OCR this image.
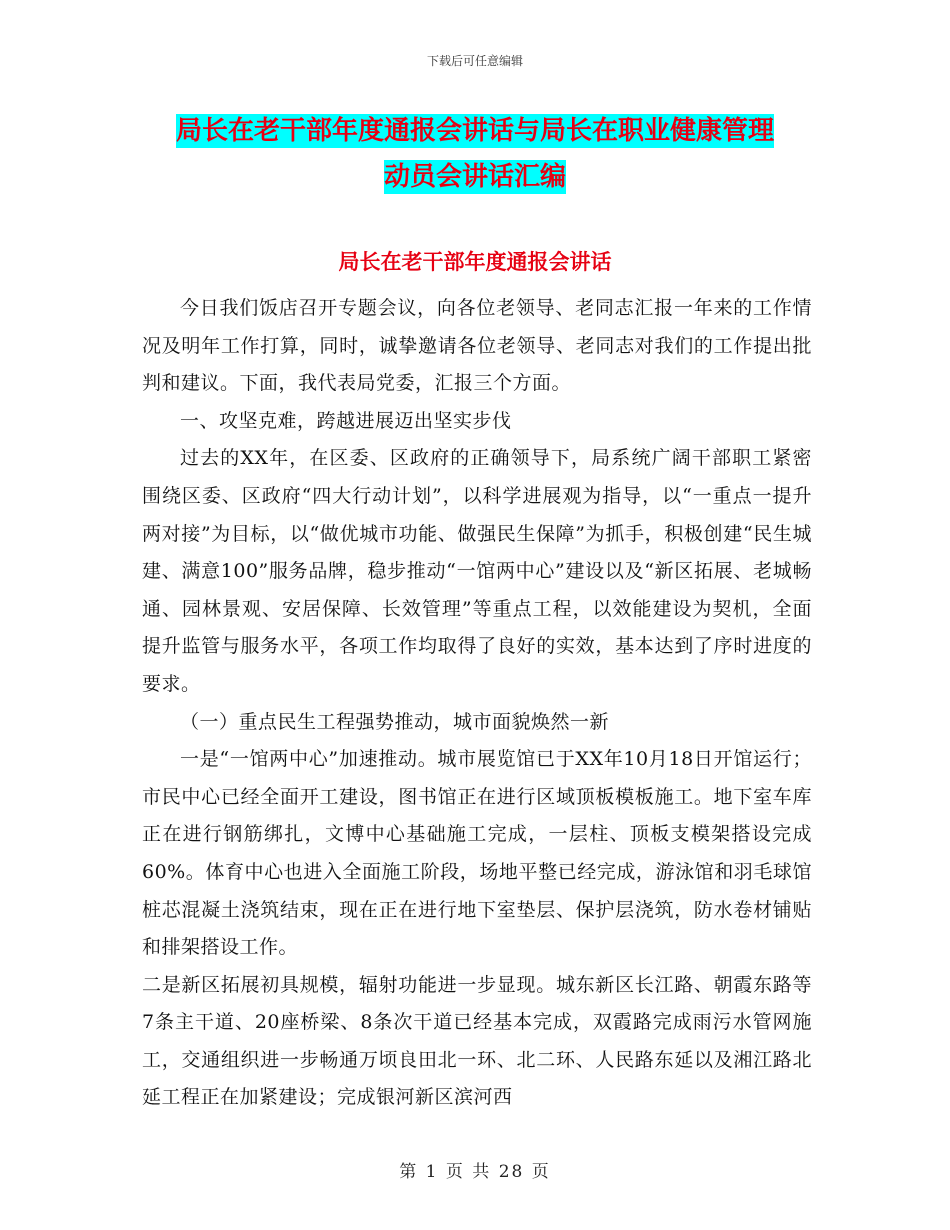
下载后可任意编辑
局长在老干部年度通报会讲话与局长在职业健康管理
动员会讲话汇编
局长在老干部年度通报会讲话

今日我们饭店召开专题会议，向各位老领导、老同志汇报一年来的工作情况及明年工作打算，同时，诚挚邀请各位老领导、老同志对我们的工作提出批判和建议。下面，我代表局党委，汇报三个方面。

一、攻坚克难，跨越进展迈出坚实步伐

过去的XX年，在区委、区政府的正确领导下，局系统广阔干部职工紧密围绕区委、区政府“四大行动计划”，以科学进展观为指导，以“一重点一提升两对接”为目标，以“做优城市功能、做强民生保障”为抓手，积极创建“民生城建、满意100”服务品牌，稳步推动“一馆两中心”建设以及“新区拓展、老城畅通、园林景观、安居保障、长效管理”等重点工程，以效能建设为契机，全面提升监管与服务水平，各项工作均取得了良好的实效，基本达到了序时进度的要求。

（一）重点民生工程强势推动，城市面貌焕然一新

一是“一馆两中心”加速推动。城市展览馆已于XX年10月18日开馆运行；市民中心已经全面开工建设，图书馆正在进行区域顶板模板施工。地下室车库正在进行钢筋绑扎，文博中心基础施工完成，一层柱、顶板支模架搭设完成60%。体育中心也进入全面施工阶段，场地平整已经完成，游泳馆和羽毛球馆桩芯混凝土浇筑结束，现在正在进行地下室垫层、保护层浇筑，防水卷材铺贴和排架搭设工作。

二是新区拓展初具规模，辐射功能进一步显现。城东新区长江路、朝霞东路等7条主干道、20座桥梁、8条次干道已经基本完成，双霞路完成雨污水管网施工，交通组织进一步畅通万顷良田北一环、北二环、人民路东延以及湘江路北延工程正在加紧建设；完成银河新区滨河西

第 1 页 共 28 页
